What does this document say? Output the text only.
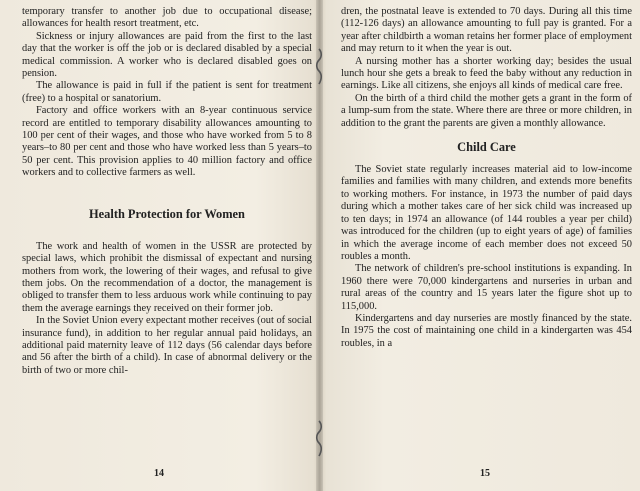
temporary transfer to another job due to occupational disease; allowances for health resort treatment, etc.

Sickness or injury allowances are paid from the first to the last day that the worker is off the job or is declared disabled by a special medical commission. A worker who is declared disabled goes on pension.

The allowance is paid in full if the patient is sent for treatment (free) to a hospital or sanatorium.

Factory and office workers with an 8-year continuous service record are entitled to temporary disability allowances amounting to 100 per cent of their wages, and those who have worked from 5 to 8 years–to 80 per cent and those who have worked less than 5 years–to 50 per cent. This provision applies to 40 million factory and office workers and to collective farmers as well.

Health Protection for Women

The work and health of women in the USSR are protected by special laws, which prohibit the dismissal of expectant and nursing mothers from work, the lowering of their wages, and refusal to give them jobs. On the recommendation of a doctor, the management is obliged to transfer them to less arduous work while continuing to pay them the average earnings they received on their former job.

In the Soviet Union every expectant mother receives (out of social insurance fund), in addition to her regular annual paid holidays, an additional paid maternity leave of 112 days (56 calendar days before and 56 after the birth of a child). In case of abnormal delivery or the birth of two or more chil-

14

dren, the postnatal leave is extended to 70 days. During all this time (112-126 days) an allowance amounting to full pay is granted. For a year after childbirth a woman retains her former place of employment and may return to it when the year is out.

A nursing mother has a shorter working day; besides the usual lunch hour she gets a break to feed the baby without any reduction in earnings. Like all citizens, she enjoys all kinds of medical care free.

On the birth of a third child the mother gets a grant in the form of a lump-sum from the state. Where there are three or more children, in addition to the grant the parents are given a monthly allowance.

Child Care

The Soviet state regularly increases material aid to low-income families and families with many children, and extends more benefits to working mothers. For instance, in 1973 the number of paid days during which a mother takes care of her sick child was increased up to ten days; in 1974 an allowance (of 144 roubles a year per child) was introduced for the children (up to eight years of age) of families in which the average income of each member does not exceed 50 roubles a month.

The network of children's pre-school institutions is expanding. In 1960 there were 70,000 kindergartens and nurseries in urban and rural areas of the country and 15 years later the figure shot up to 115,000.

Kindergartens and day nurseries are mostly financed by the state. In 1975 the cost of maintaining one child in a kindergarten was 454 roubles, in a

15
